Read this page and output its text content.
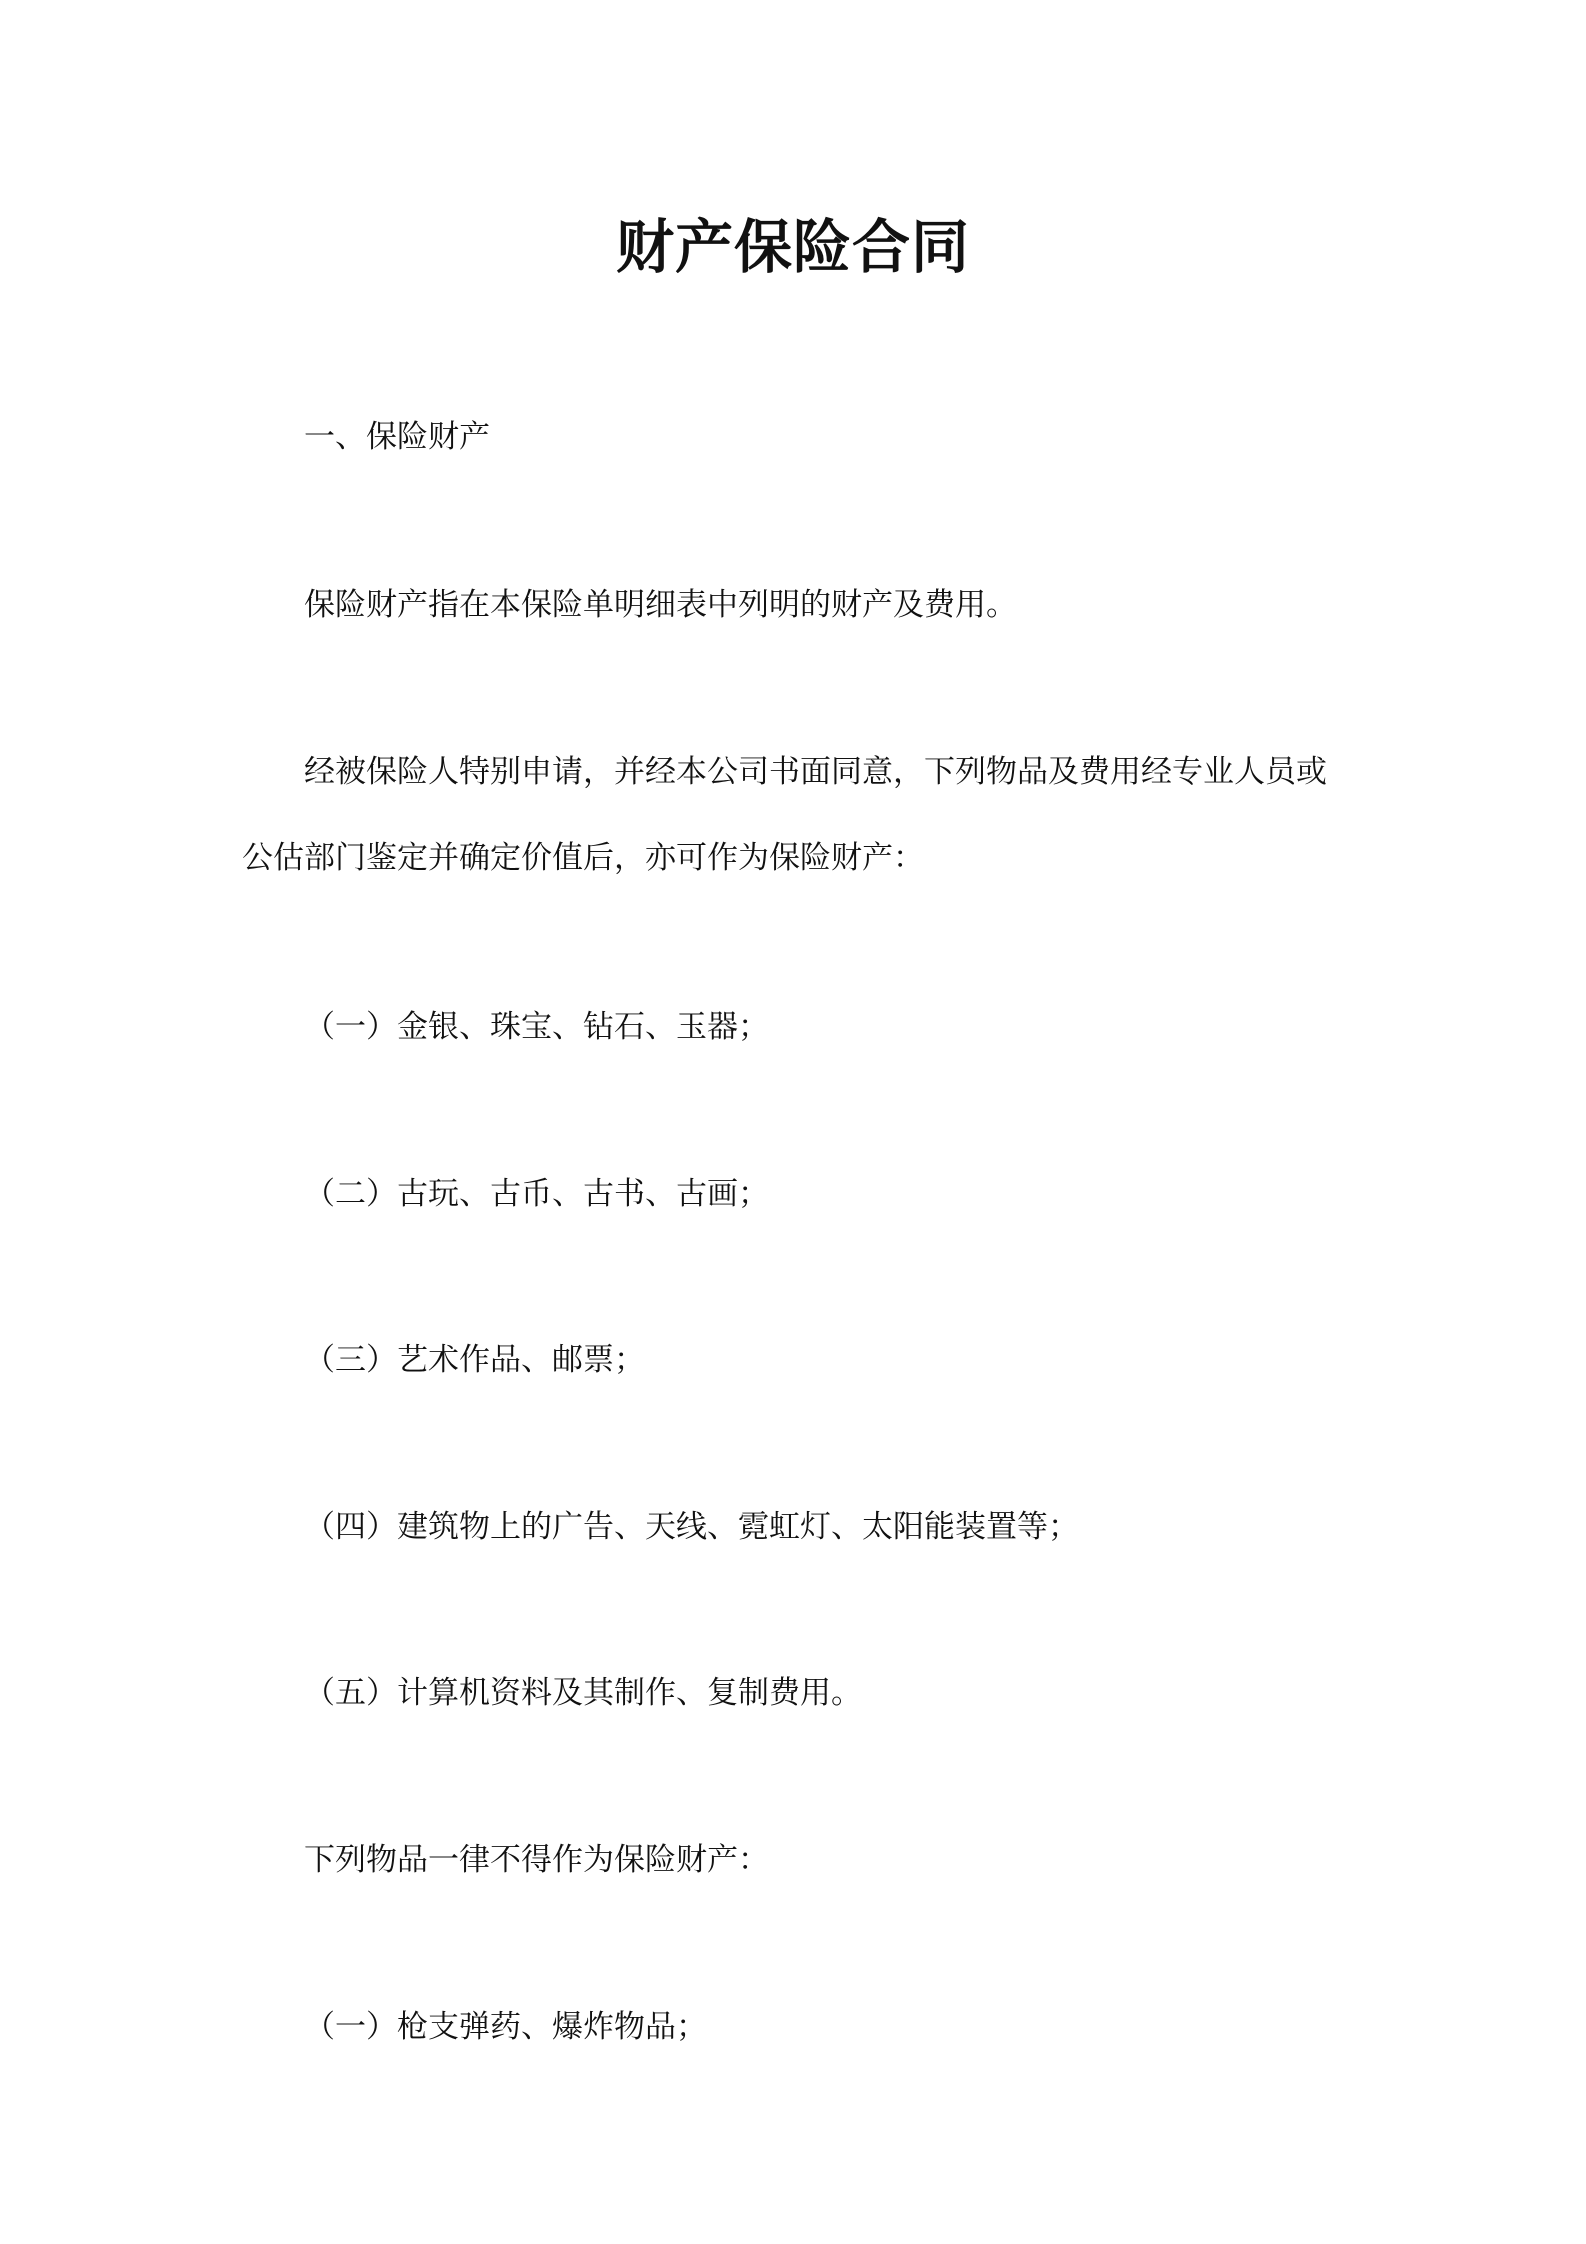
财产保险合同

一、保险财产

保险财产指在本保险单明细表中列明的财产及费用。

经被保险人特别申请，并经本公司书面同意，下列物品及费用经专业人员或

公估部门鉴定并确定价值后，亦可作为保险财产：

（一）金银、珠宝、钻石、玉器；

（二）古玩、古币、古书、古画；

（三）艺术作品、邮票；

（四）建筑物上的广告、天线、霓虹灯、太阳能装置等；

（五）计算机资料及其制作、复制费用。

下列物品一律不得作为保险财产：

（一）枪支弹药、爆炸物品；
